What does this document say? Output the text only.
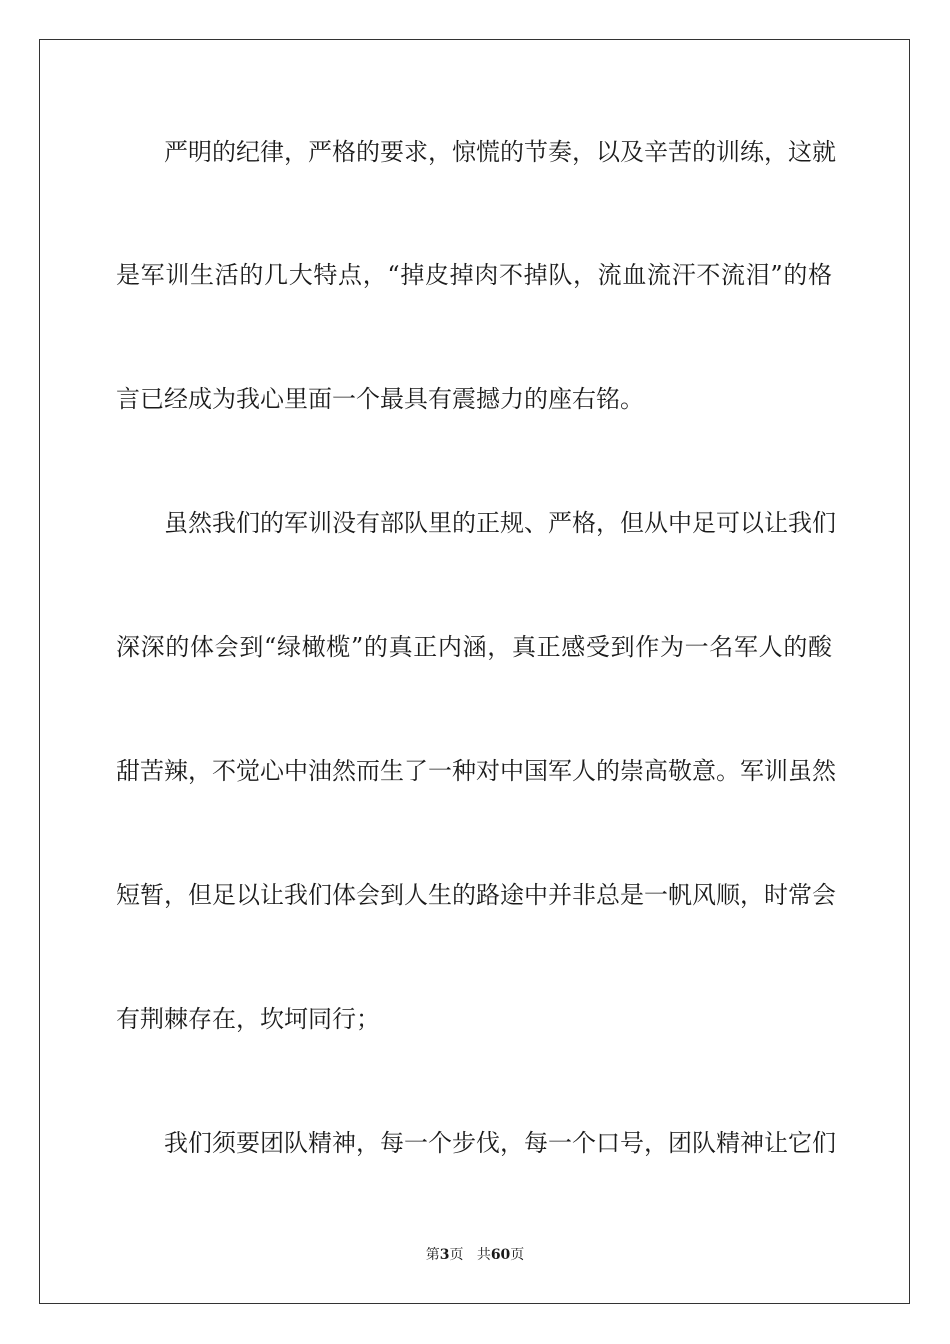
严明的纪律，严格的要求，惊慌的节奏，以及辛苦的训练，这就
是军训生活的几大特点，“掉皮掉肉不掉队，流血流汗不流泪”的格
言已经成为我心里面一个最具有震撼力的座右铭。
虽然我们的军训没有部队里的正规、严格，但从中足可以让我们
深深的体会到“绿橄榄”的真正内涵，真正感受到作为一名军人的酸
甜苦辣，不觉心中油然而生了一种对中国军人的崇高敬意。军训虽然
短暂，但足以让我们体会到人生的路途中并非总是一帆风顺，时常会
有荆棘存在，坎坷同行；
我们须要团队精神，每一个步伐，每一个口号，团队精神让它们
第3页 共60页
